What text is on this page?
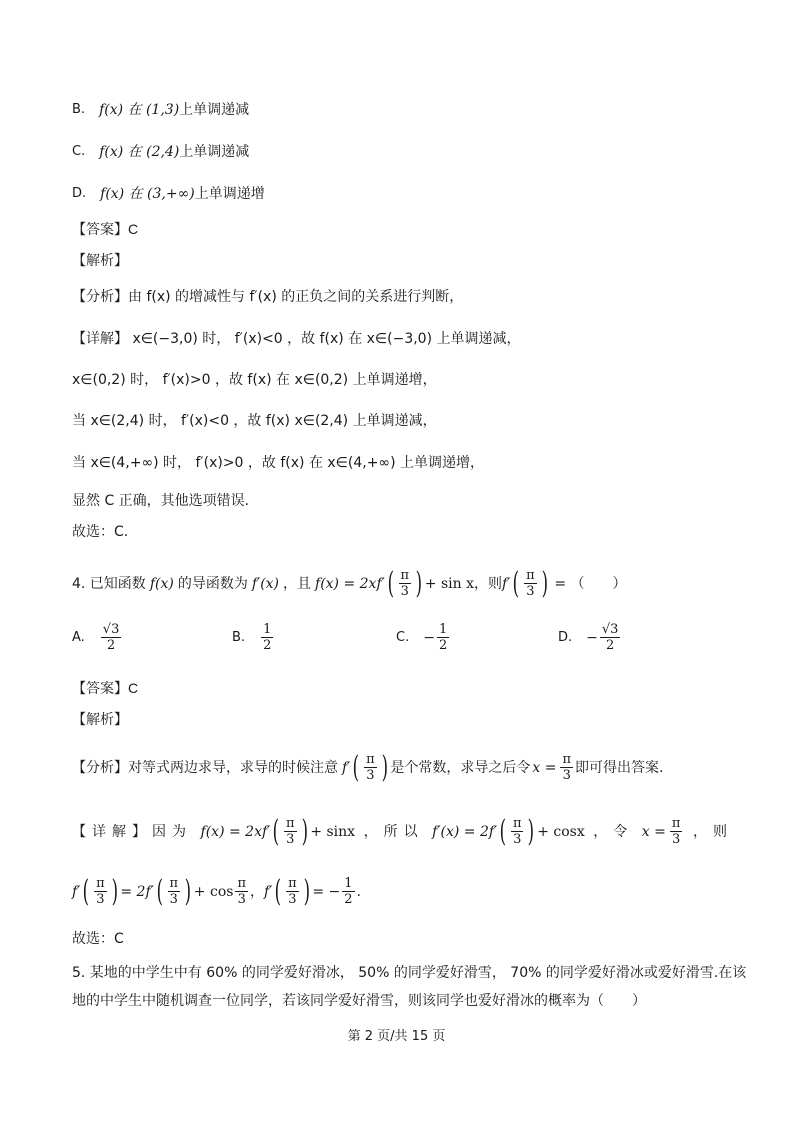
B. f(x) 在 (1,3) 上单调递减
C. f(x) 在 (2,4) 上单调递减
D. f(x) 在 (3,+∞) 上单调递增
【答案】C
【解析】
【分析】由 f(x) 的增减性与 f′(x) 的正负之间的关系进行判断，
【详解】 x∈(−3,0) 时， f′(x)<0 ，故 f(x) 在 x∈(−3,0) 上单调递减，
x∈(0,2) 时， f′(x)>0 ，故 f(x) 在 x∈(0,2) 上单调递增，
当 x∈(2,4) 时， f′(x)<0 ，故 f(x) x∈(2,4) 上单调递减，
当 x∈(4,+∞) 时， f′(x)>0 ，故 f(x) 在 x∈(4,+∞) 上单调递增，
显然 C 正确，其他选项错误.
故选：C.
4. 已知函数 f(x) 的导函数为 f′(x) ，且 f(x) = 2xf′ ( $\frac{\pi}{3}$ ) + sin x ，则 f′ ( $\frac{\pi}{3}$ ) = （　　）
A. $\frac{√3}{2}$	B. $\frac{1}{2}$	C. − $\frac{1}{2}$	D. − $\frac{√3}{2}$
【答案】C
【解析】
【分析】对等式两边求导，求导的时候注意 f′ ( $\frac{\pi}{3}$ ) 是个常数，求导之后令 $x = \frac{\pi}{3}$ 即可得出答案.
【详解】因为 f(x) = 2xf′ ( $\frac{\pi}{3}$ ) + sinx ，所以 f′(x) = 2f′ ( $\frac{\pi}{3}$ ) + cosx ，令 $x = \frac{\pi}{3}$ ，则
f′ ( $\frac{\pi}{3}$ ) = 2f′ ( $\frac{\pi}{3}$ ) + $\cos \frac{\pi}{3}$ ， f′ ( $\frac{\pi}{3}$ ) = − $\frac{1}{2}$ .
故选：C
5. 某地的中学生中有 60% 的同学爱好滑冰， 50% 的同学爱好滑雪， 70% 的同学爱好滑冰或爱好滑雪.在该
地的中学生中随机调查一位同学，若该同学爱好滑雪，则该同学也爱好滑冰的概率为（　　）
第 2 页/共 15 页
